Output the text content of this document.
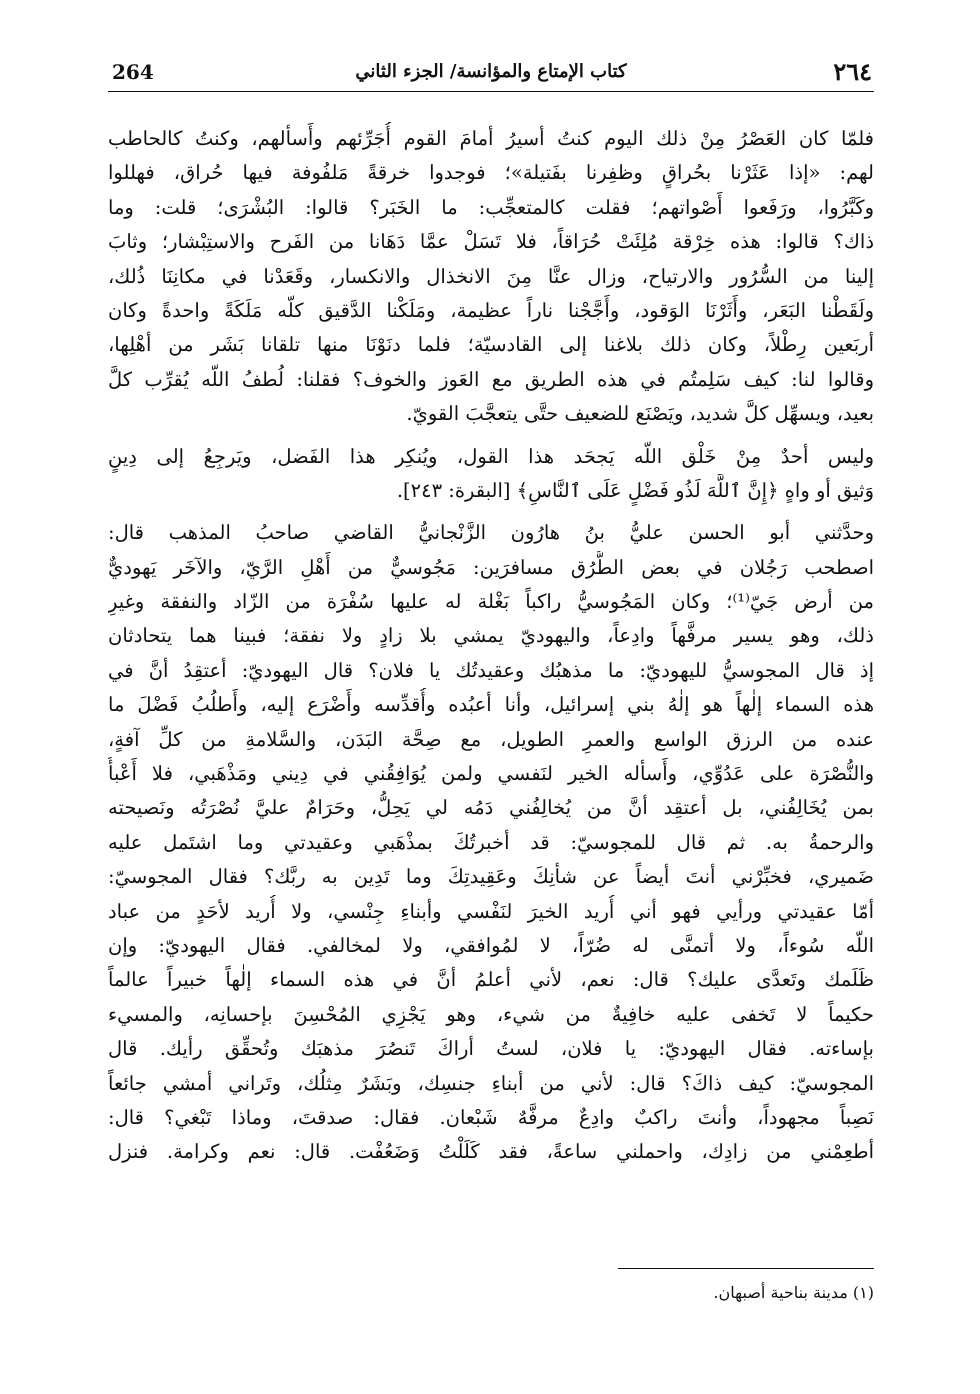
٢٦٤
كتاب الإمتاع والمؤانسة/ الجزء الثاني
264
فلمّا كان العَصْرُ مِنْ ذلك اليوم كنتُ أسيرُ أمامَ القوم أُجَرِّئهم وأَسألهم، وكنتُ كالحاطب
لهم: «إذا عَثَرْنا بحُراقٍ وظفِرنا بفَتيلة»؛ فوجدوا خرقةً مَلفُوفة فيها حُراق، فهللوا
وكَبَّرُوا، ورَفَعوا أَصْواتهم؛ فقلت كالمتعجِّب: ما الخَبَر؟ قالوا: البُشْرَى؛ قلت: وما
ذاك؟ قالوا: هذه خِرْقة مُلِئَتْ حُرَاقاً، فلا تَسَلْ عمَّا دَهَانا من الفَرح والاستِبْشار؛ وثابَ
إلينا من السُّرُور والارتياح، وزال عنَّا مِنَ الانخذال والانكسار، وقَعَدْنا في مكانِنَا ذُلك،
ولَقَطْنا البَعَر، وأَثَرْنَا الوَقود، وأَجَّجْنا ناراً عظيمة، ومَلَكْنا الدَّقيق كلّه مَلَكَةً واحدةً وكان
أربَعين رِطْلاً، وكان ذلك بلاغنا إلى القادسيّة؛ فلما دنَوْنَا منها تلقانا بَشَر من أهْلِها،
وقالوا لنا: كيف سَلِمتُم في هذه الطريق مع العَوز والخوف؟ فقلنا: لُطفُ اللّه يُقرِّب كلَّ
بعيد، ويسهِّل كلَّ شديد، ويَصْنَع للضعيف حتَّى يتعجَّبَ القويّ.
وليس أحدٌ مِنْ خَلْق اللّه يَجحَد هذا القول، ويُنكِر هذا الفَضل، ويَرجِعُ إلى دِينٍ
وَثيق أو واهٍ ﴿إِنَّ ٱللَّهَ لَذُو فَضْلٍ عَلَى ٱلنَّاسِ﴾ [البقرة: ٢٤٣].
وحدَّثني أبو الحسن عليُّ بنُ هارُون الزَّنْجانيُّ القاضي صاحبُ المذهب قال:
اصطحب رَجُلان في بعض الطُّرُق مسافرَين: مَجُوسيٌّ من أَهْلِ الرَّيّ، والآخَر يَهوديٌّ
من أرض جَيّ⁽¹⁾؛ وكان المَجُوسيُّ راكباً بَغْلة له عليها سُفْرَة من الزّاد والنفقة وغيرِ
ذلك، وهو يسير مرفَّهاً وادِعاً، واليهوديّ يمشي بلا زادٍ ولا نفقة؛ فبينا هما يتحادثان
إذ قال المجوسيُّ لليهوديّ: ما مذهبُك وعقيدتُك يا فلان؟ قال اليهوديّ: أعتقِدُ أنَّ في
هذه السماء إلٰهاً هو إلٰهُ بني إسرائيل، وأنا أعبُده وأُقدِّسه وأَضْرَع إليه، وأَطلُبُ فَضْلَ ما
عنده من الرزق الواسع والعمرِ الطويل، مع صِحَّة البَدَن، والسَّلامةِ من كلِّ آفةٍ،
والنُّصْرَة على عَدُوِّي، وأَسأله الخير لنَفسي ولمن يُوَافِقُني في دِيني ومَذْهَبي، فلا أَعْبأُ
بمن يُخَالِفُني، بل أعتقِد أنَّ من يُخالِفُني دَمُه لي يَحِلُّ، وحَرَامٌ عليَّ نُصْرَتُه ونَصيحته
والرحمةُ به. ثم قال للمجوسيّ: قد أخبرتُكَ بمذْهَبي وعقيدتي وما اشتَمل عليه
ضَميري، فخبِّرْني أنتَ أيضاً عن شأنِكَ وعَقِيدتِكَ وما تَدِين به ربَّك؟ فقال المجوسيّ:
أمّا عقيدتي ورأيي فهو أني أُريد الخيرَ لنَفْسي وأبناءِ جِنْسي، ولا أُريد لأحَدٍ من عباد
اللّه سُوءاً، ولا أتمنَّى له ضُرّاً، لا لمُوافقي، ولا لمخالفي. فقال اليهوديّ: وإن
ظَلَمك وتَعدَّى عليك؟ قال: نعم، لأني أعلمُ أنَّ في هذه السماء إلٰهاً خبيراً عالماً
حكيماً لا تَخفى عليه خافِيةٌ من شيء، وهو يَجْزِي المُحْسِنَ بإحسانِه، والمسيء
بإساءته. فقال اليهوديّ: يا فلان، لستُ أراكَ تَنصُرَ مذهبَك وتُحقِّق رأيك. قال
المجوسيّ: كيف ذاكَ؟ قال: لأني من أبناءِ جنسِك، وبَشَرٌ مِثلُك، وتَراني أمشي جائعاً
نَصِباً مجهوداً، وأنتَ راكبٌ وادِعٌ مرفَّهٌ شَبْعان. فقال: صدقتَ، وماذا تَبْغي؟ قال:
أطعِمْني من زادِك، واحملني ساعةً، فقد كَلَلْتُ وَضَعُفْت. قال: نعم وكرامة. فنزل
(١) مدينة بناحية أصبهان.
